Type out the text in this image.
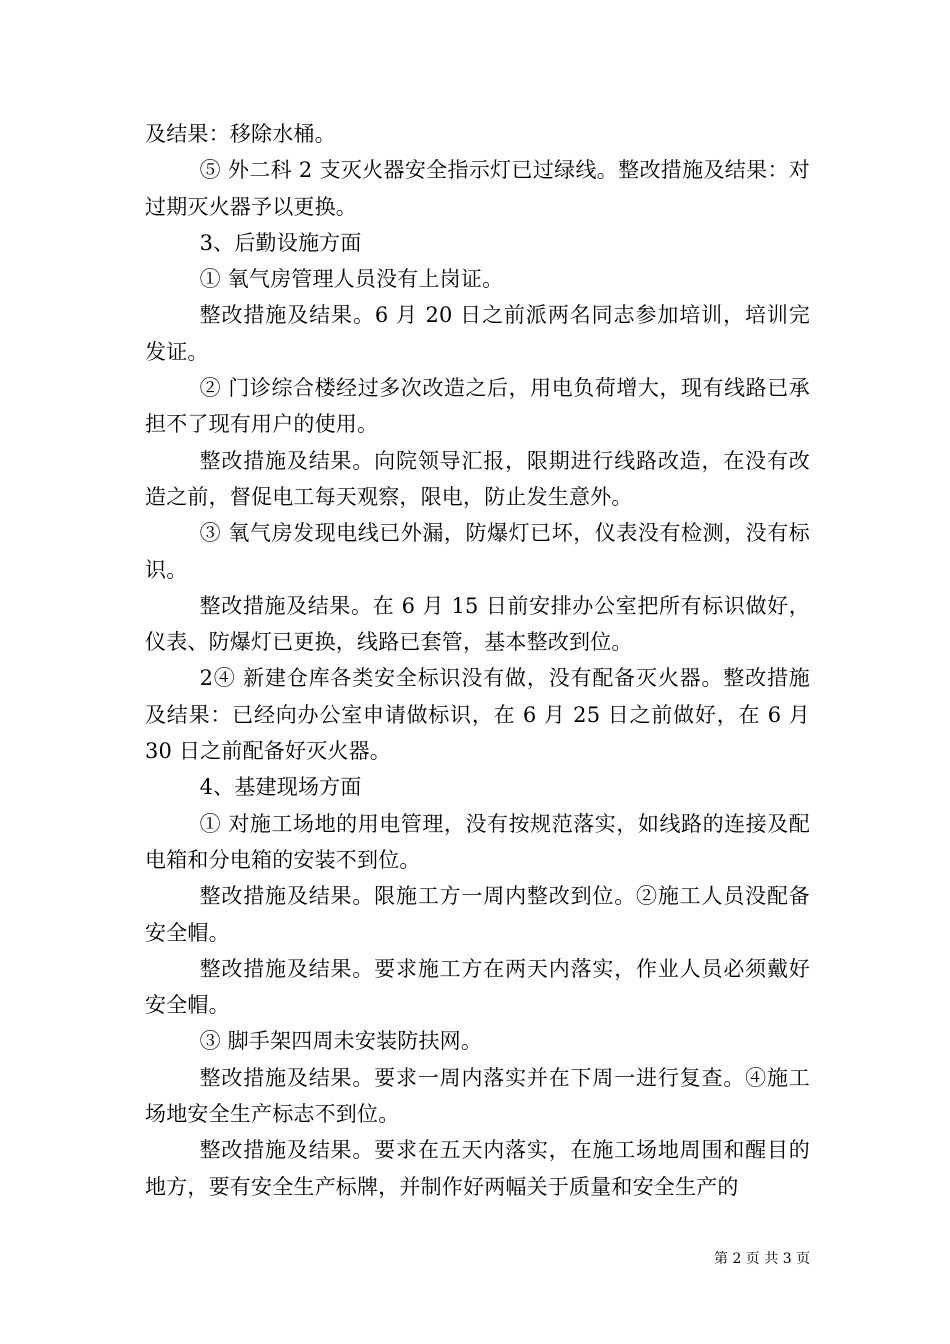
及结果：移除水桶。

⑤ 外二科 2 支灭火器安全指示灯已过绿线。整改措施及结果：对过期灭火器予以更换。

3、后勤设施方面

① 氧气房管理人员没有上岗证。

整改措施及结果。6 月 20 日之前派两名同志参加培训，培训完发证。

② 门诊综合楼经过多次改造之后，用电负荷增大，现有线路已承担不了现有用户的使用。

整改措施及结果。向院领导汇报，限期进行线路改造，在没有改造之前，督促电工每天观察，限电，防止发生意外。

③ 氧气房发现电线已外漏，防爆灯已坏，仪表没有检测，没有标识。

整改措施及结果。在 6 月 15 日前安排办公室把所有标识做好，仪表、防爆灯已更换，线路已套管，基本整改到位。

2④ 新建仓库各类安全标识没有做，没有配备灭火器。整改措施及结果：已经向办公室申请做标识，在 6 月 25 日之前做好，在 6 月 30 日之前配备好灭火器。

4、基建现场方面

① 对施工场地的用电管理，没有按规范落实，如线路的连接及配电箱和分电箱的安装不到位。

整改措施及结果。限施工方一周内整改到位。②施工人员没配备安全帽。

整改措施及结果。要求施工方在两天内落实，作业人员必须戴好安全帽。

③ 脚手架四周未安装防扶网。

整改措施及结果。要求一周内落实并在下周一进行复查。④施工场地安全生产标志不到位。

整改措施及结果。要求在五天内落实，在施工场地周围和醒目的地方，要有安全生产标牌，并制作好两幅关于质量和安全生产的

第 2 页 共 3 页
